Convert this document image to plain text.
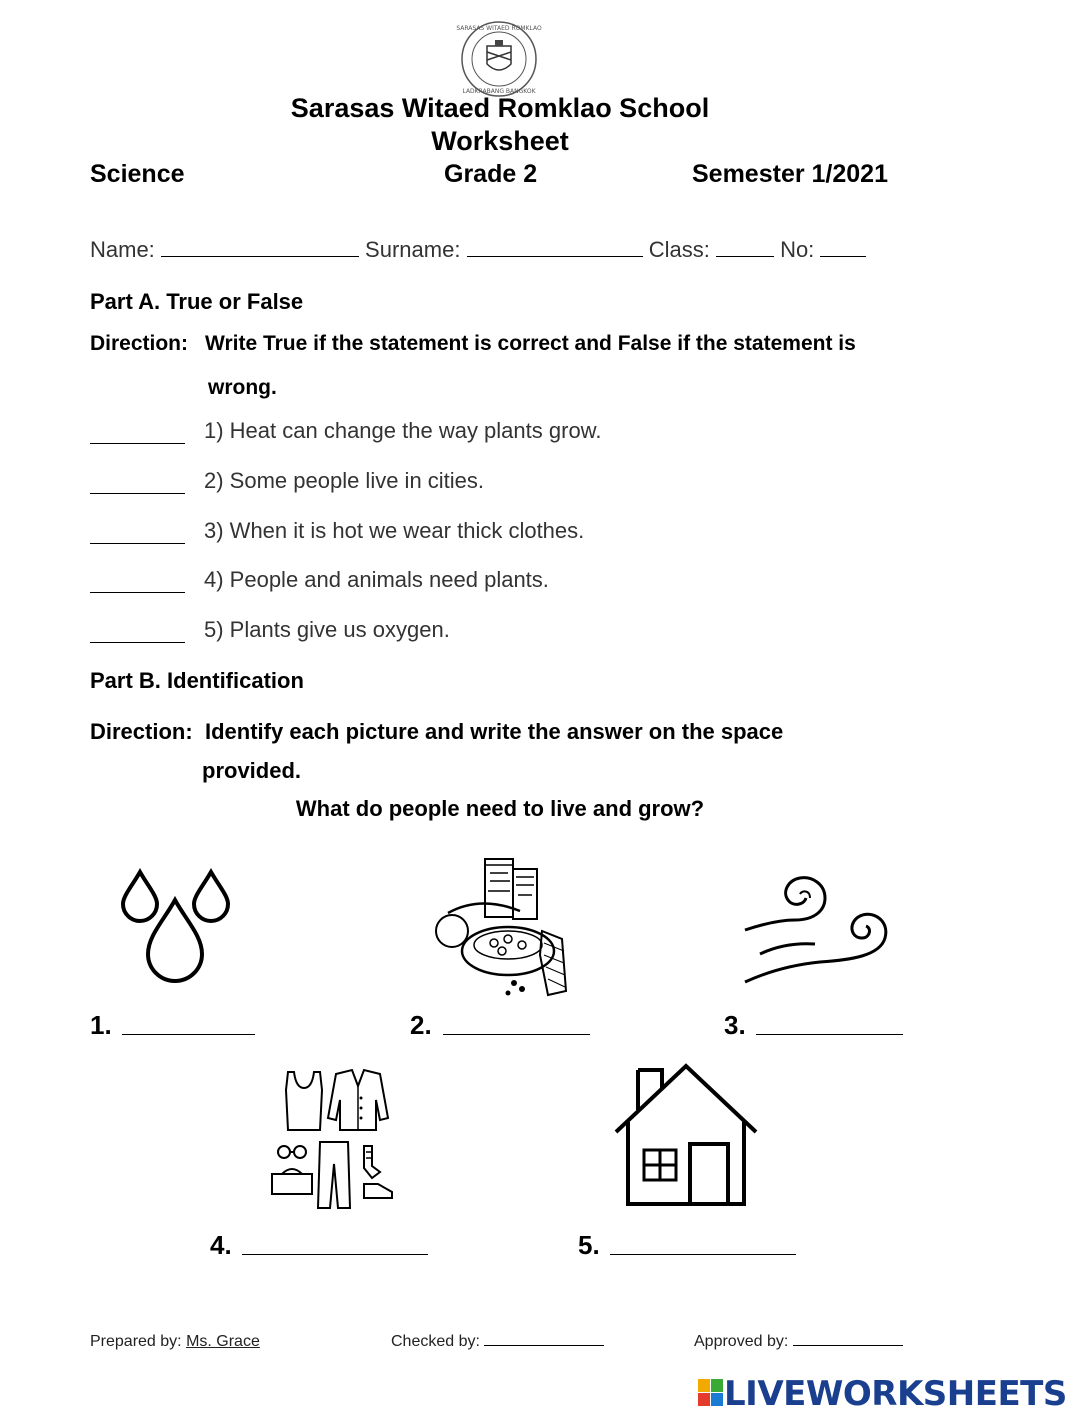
SARASAS WITAED ROMKLAO
LADKRABANG BANGKOK
Sarasas Witaed Romklao School
Worksheet
Science	Grade 2	Semester 1/2021
Name:	Surname:	Class:	No:
Part A. True or False
Direction: Write True if the statement is correct and False if the statement is
wrong.
1) Heat can change the way plants grow.
2) Some people live in cities.
3) When it is hot we wear thick clothes.
4) People and animals need plants.
5) Plants give us oxygen.
Part B. Identification
Direction: Identify each picture and write the answer on the space
provided.
What do people need to live and grow?
1.	2.	3.
4.	5.
Prepared by: Ms. Grace	Checked by:	Approved by:
LIVEWORKSHEETS
